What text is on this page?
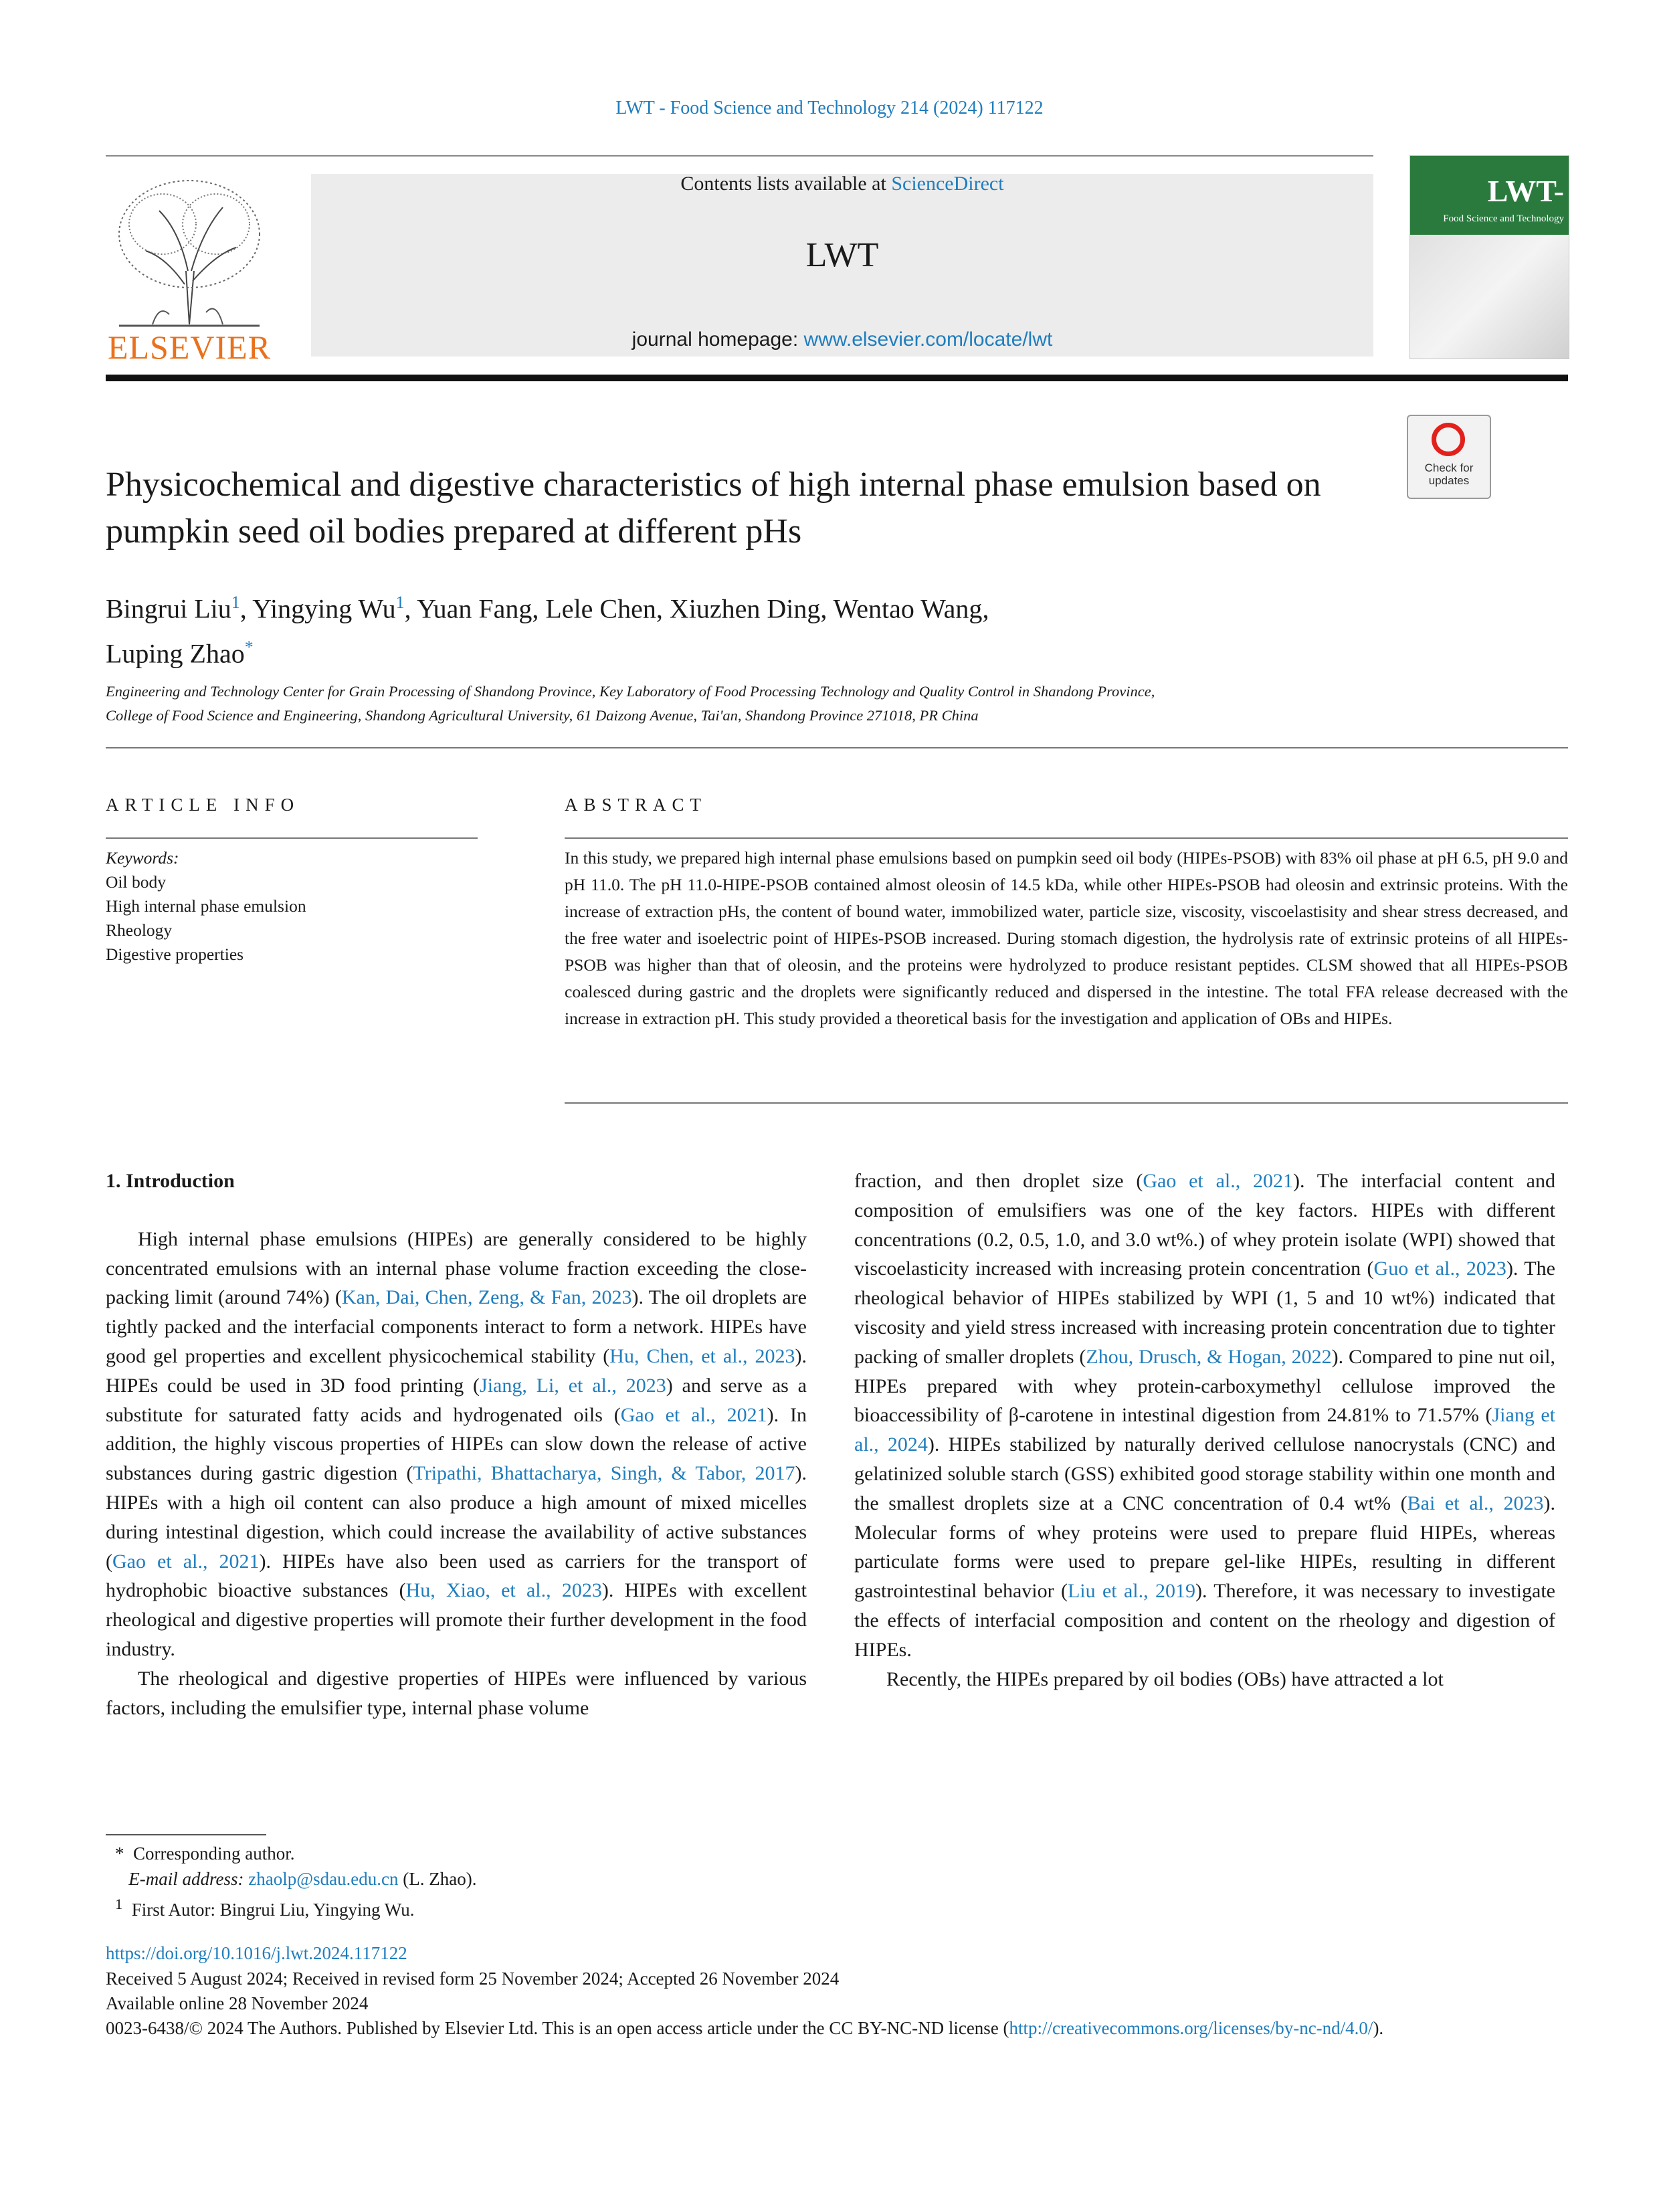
LWT - Food Science and Technology 214 (2024) 117122
ELSEVIER
Contents lists available at ScienceDirect
LWT
journal homepage: www.elsevier.com/locate/lwt
LWT-
Food Science and Technology
Check for updates
Physicochemical and digestive characteristics of high internal phase emulsion based on pumpkin seed oil bodies prepared at different pHs
Bingrui Liu$^1$, Yingying Wu$^1$, Yuan Fang, Lele Chen, Xiuzhen Ding, Wentao Wang,
Luping Zhao*
Engineering and Technology Center for Grain Processing of Shandong Province, Key Laboratory of Food Processing Technology and Quality Control in Shandong Province,
College of Food Science and Engineering, Shandong Agricultural University, 61 Daizong Avenue, Tai'an, Shandong Province 271018, PR China
ARTICLE INFO
Keywords:
Oil body
High internal phase emulsion
Rheology
Digestive properties
ABSTRACT
In this study, we prepared high internal phase emulsions based on pumpkin seed oil body (HIPEs-PSOB) with 83% oil phase at pH 6.5, pH 9.0 and pH 11.0. The pH 11.0-HIPE-PSOB contained almost oleosin of 14.5 kDa, while other HIPEs-PSOB had oleosin and extrinsic proteins. With the increase of extraction pHs, the content of bound water, immobilized water, particle size, viscosity, viscoelastisity and shear stress decreased, and the free water and isoelectric point of HIPEs-PSOB increased. During stomach digestion, the hydrolysis rate of extrinsic proteins of all HIPEs-PSOB was higher than that of oleosin, and the proteins were hydrolyzed to produce resistant peptides. CLSM showed that all HIPEs-PSOB coalesced during gastric and the droplets were significantly reduced and dispersed in the intestine. The total FFA release decreased with the increase in extraction pH. This study provided a theoretical basis for the investigation and application of OBs and HIPEs.
1. Introduction

High internal phase emulsions (HIPEs) are generally considered to be highly concentrated emulsions with an internal phase volume fraction exceeding the close-packing limit (around 74%) (Kan, Dai, Chen, Zeng, & Fan, 2023). The oil droplets are tightly packed and the interfacial components interact to form a network. HIPEs have good gel properties and excellent physicochemical stability (Hu, Chen, et al., 2023). HIPEs could be used in 3D food printing (Jiang, Li, et al., 2023) and serve as a substitute for saturated fatty acids and hydrogenated oils (Gao et al., 2021). In addition, the highly viscous properties of HIPEs can slow down the release of active substances during gastric digestion (Tripathi, Bhattacharya, Singh, & Tabor, 2017). HIPEs with a high oil content can also produce a high amount of mixed micelles during intestinal digestion, which could increase the availability of active substances (Gao et al., 2021). HIPEs have also been used as carriers for the transport of hydrophobic bioactive substances (Hu, Xiao, et al., 2023). HIPEs with excellent rheological and digestive properties will promote their further development in the food industry.

The rheological and digestive properties of HIPEs were influenced by various factors, including the emulsifier type, internal phase volume

fraction, and then droplet size (Gao et al., 2021). The interfacial content and composition of emulsifiers was one of the key factors. HIPEs with different concentrations (0.2, 0.5, 1.0, and 3.0 wt%.) of whey protein isolate (WPI) showed that viscoelasticity increased with increasing protein concentration (Guo et al., 2023). The rheological behavior of HIPEs stabilized by WPI (1, 5 and 10 wt%) indicated that viscosity and yield stress increased with increasing protein concentration due to tighter packing of smaller droplets (Zhou, Drusch, & Hogan, 2022). Compared to pine nut oil, HIPEs prepared with whey protein-carboxymethyl cellulose improved the bioaccessibility of β-carotene in intestinal digestion from 24.81% to 71.57% (Jiang et al., 2024). HIPEs stabilized by naturally derived cellulose nanocrystals (CNC) and gelatinized soluble starch (GSS) exhibited good storage stability within one month and the smallest droplets size at a CNC concentration of 0.4 wt% (Bai et al., 2023). Molecular forms of whey proteins were used to prepare fluid HIPEs, whereas particulate forms were used to prepare gel-like HIPEs, resulting in different gastrointestinal behavior (Liu et al., 2019). Therefore, it was necessary to investigate the effects of interfacial composition and content on the rheology and digestion of HIPEs.

Recently, the HIPEs prepared by oil bodies (OBs) have attracted a lot

* Corresponding author.
E-mail address: zhaolp@sdau.edu.cn (L. Zhao).
$^1$ First Autor: Bingrui Liu, Yingying Wu.
https://doi.org/10.1016/j.lwt.2024.117122
Received 5 August 2024; Received in revised form 25 November 2024; Accepted 26 November 2024
Available online 28 November 2024
0023-6438/© 2024 The Authors. Published by Elsevier Ltd. This is an open access article under the CC BY-NC-ND license (http://creativecommons.org/licenses/by-nc-nd/4.0/).
